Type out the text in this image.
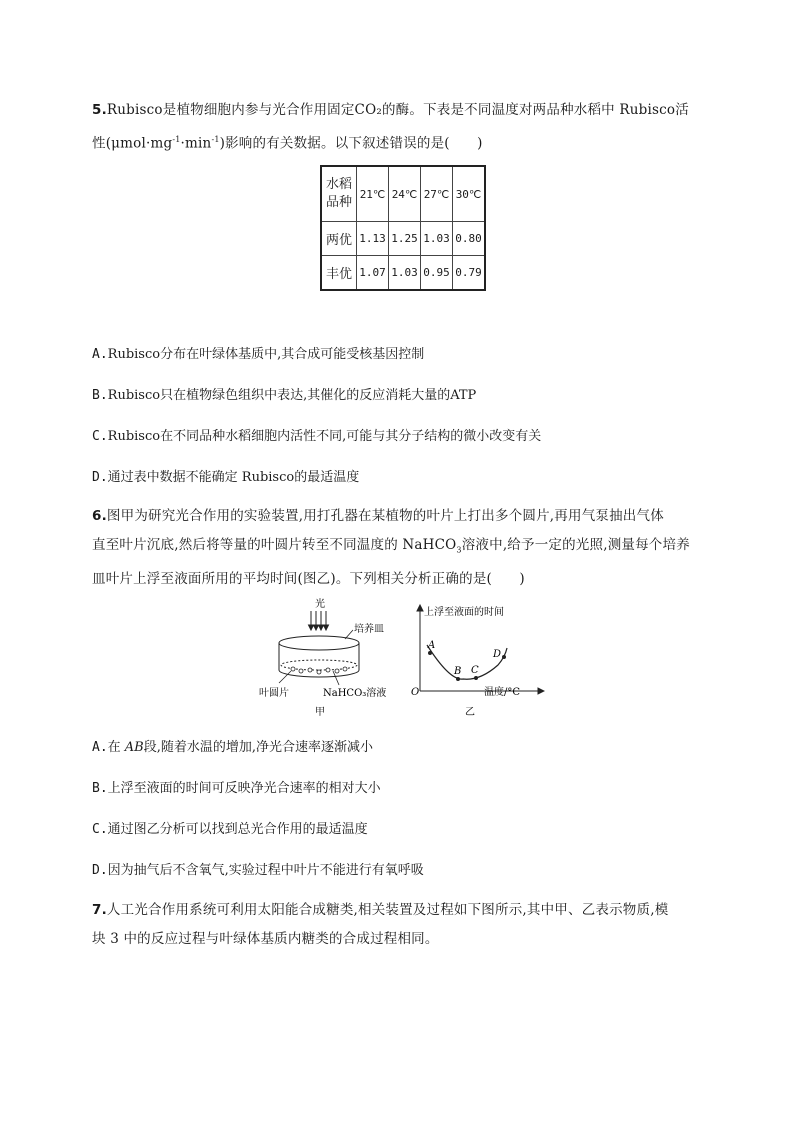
5.Rubisco是植物细胞内参与光合作用固定CO₂的酶。下表是不同温度对两品种水稻中 Rubisco活
性$(\mu mol\cdot mg^{-1}\cdot\min^{-1})$影响的有关数据。以下叙述错误的是(　　)
水稻
品种	21℃	24℃	27℃	30℃
两优	1.13	1.25	1.03	0.80
丰优	1.07	1.03	0.95	0.79
A.Rubisco分布在叶绿体基质中,其合成可能受核基因控制
B.Rubisco只在植物绿色组织中表达,其催化的反应消耗大量的ATP
C.Rubisco在不同品种水稻细胞内活性不同,可能与其分子结构的微小改变有关
D.通过表中数据不能确定 Rubisco的最适温度
6.图甲为研究光合作用的实验装置,用打孔器在某植物的叶片上打出多个圆片,再用气泵抽出气体
直至叶片沉底,然后将等量的叶圆片转至不同温度的 NaHCO$_3$溶液中,给予一定的光照,测量每个培养
皿叶片上浮至液面所用的平均时间(图乙)。下列相关分析正确的是(　　)
光
培养皿
叶圆片	NaHCO₃溶液
甲
上浮至液面的时间
O	温度/°C
A
B C
D
乙
A.在 AB段,随着水温的增加,净光合速率逐渐减小
B.上浮至液面的时间可反映净光合速率的相对大小
C.通过图乙分析可以找到总光合作用的最适温度
D.因为抽气后不含氧气,实验过程中叶片不能进行有氧呼吸
7.人工光合作用系统可利用太阳能合成糖类,相关装置及过程如下图所示,其中甲、乙表示物质,模
块 3 中的反应过程与叶绿体基质内糖类的合成过程相同。
